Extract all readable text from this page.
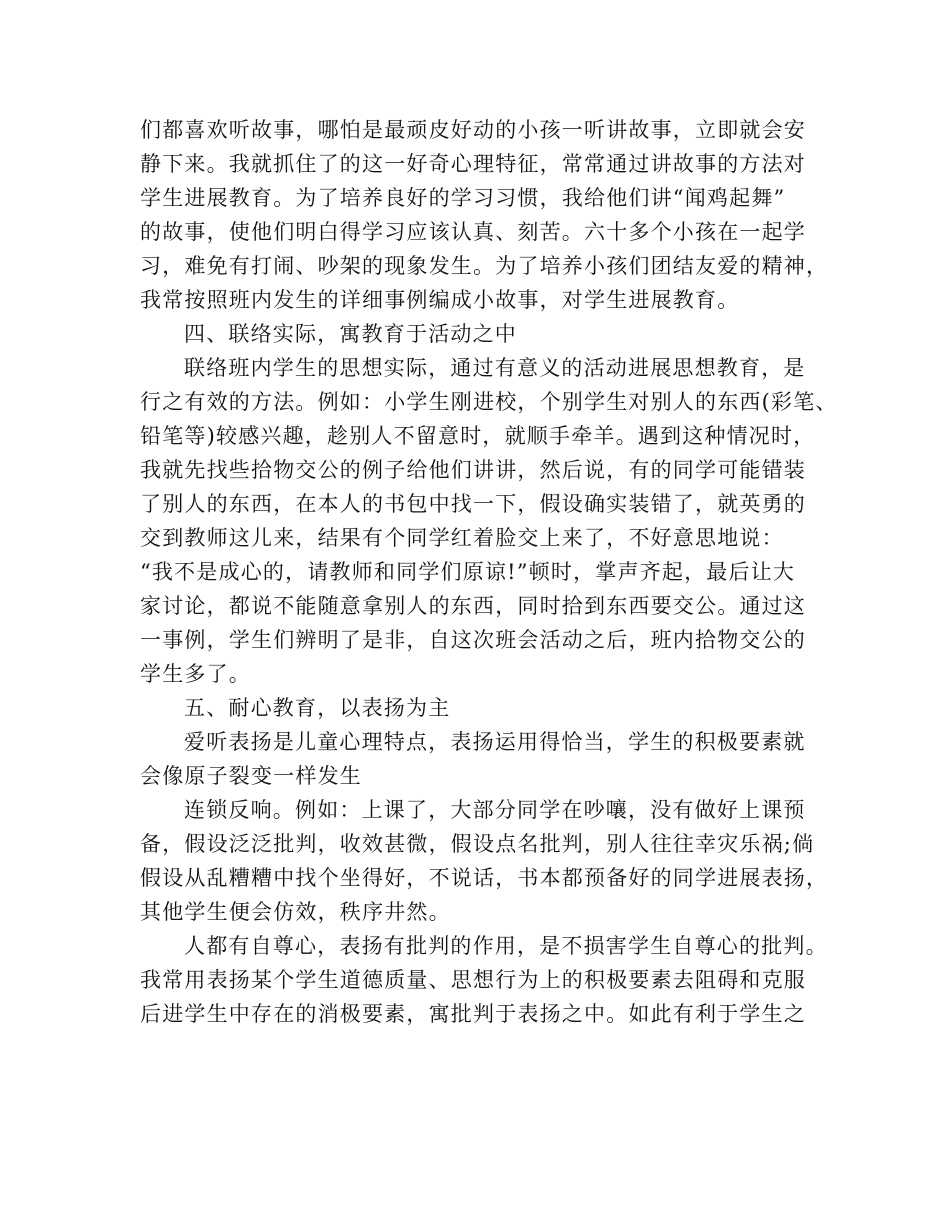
们都喜欢听故事，哪怕是最顽皮好动的小孩一听讲故事，立即就会安
静下来。我就抓住了的这一好奇心理特征，常常通过讲故事的方法对
学生进展教育。为了培养良好的学习习惯，我给他们讲“闻鸡起舞”
的故事，使他们明白得学习应该认真、刻苦。六十多个小孩在一起学
习，难免有打闹、吵架的现象发生。为了培养小孩们团结友爱的精神，
我常按照班内发生的详细事例编成小故事，对学生进展教育。
四、联络实际，寓教育于活动之中
联络班内学生的思想实际，通过有意义的活动进展思想教育，是
行之有效的方法。例如：小学生刚进校，个别学生对别人的东西(彩笔、
铅笔等)较感兴趣，趁别人不留意时，就顺手牵羊。遇到这种情况时，
我就先找些拾物交公的例子给他们讲讲，然后说，有的同学可能错装
了别人的东西，在本人的书包中找一下，假设确实装错了，就英勇的
交到教师这儿来，结果有个同学红着脸交上来了，不好意思地说：
“我不是成心的，请教师和同学们原谅!”顿时，掌声齐起，最后让大
家讨论，都说不能随意拿别人的东西，同时拾到东西要交公。通过这
一事例，学生们辨明了是非，自这次班会活动之后，班内拾物交公的
学生多了。
五、耐心教育，以表扬为主
爱听表扬是儿童心理特点，表扬运用得恰当，学生的积极要素就
会像原子裂变一样发生
连锁反响。例如：上课了，大部分同学在吵嚷，没有做好上课预
备，假设泛泛批判，收效甚微，假设点名批判，别人往往幸灾乐祸;倘
假设从乱糟糟中找个坐得好，不说话，书本都预备好的同学进展表扬，
其他学生便会仿效，秩序井然。
人都有自尊心，表扬有批判的作用，是不损害学生自尊心的批判。
我常用表扬某个学生道德质量、思想行为上的积极要素去阻碍和克服
后进学生中存在的消极要素，寓批判于表扬之中。如此有利于学生之
